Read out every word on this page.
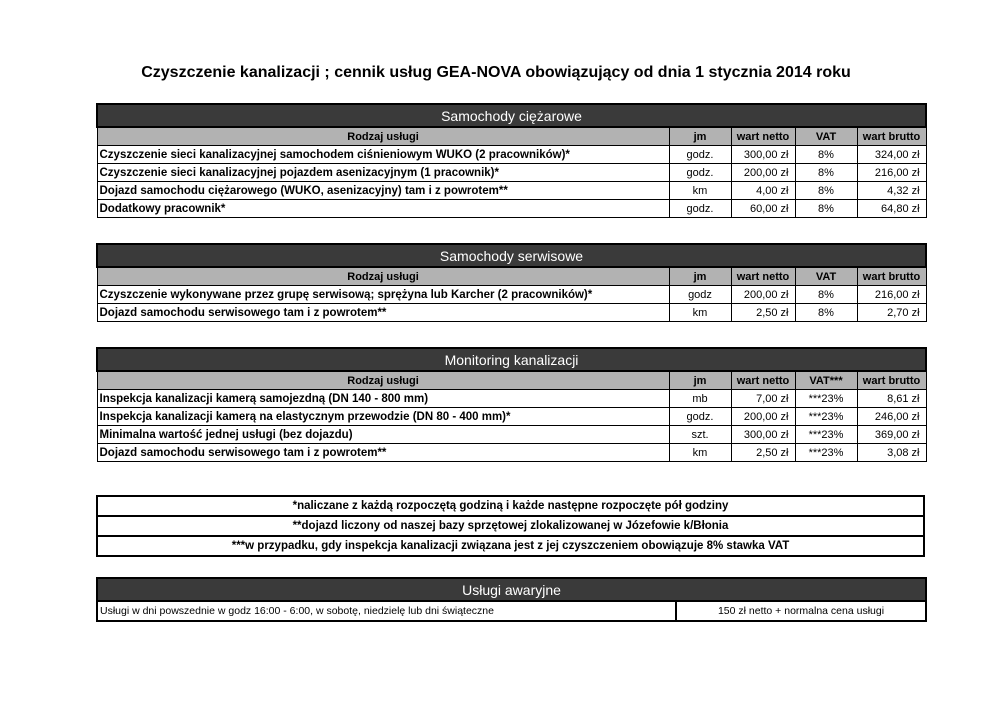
Czyszczenie kanalizacji ; cennik usług GEA-NOVA obowiązujący od dnia 1 stycznia 2014 roku
Samochody ciężarowe				
Rodzaj usługi	jm	wart netto	VAT	wart brutto
Czyszczenie sieci kanalizacyjnej samochodem ciśnieniowym WUKO (2 pracowników)*	godz.	300,00 zł	8%	324,00 zł
Czyszczenie sieci kanalizacyjnej pojazdem asenizacyjnym (1 pracownik)*	godz.	200,00 zł	8%	216,00 zł
Dojazd samochodu ciężarowego (WUKO, asenizacyjny) tam i z powrotem**	km	4,00 zł	8%	4,32 zł
Dodatkowy pracownik*	godz.	60,00 zł	8%	64,80 zł
Samochody serwisowe				
Rodzaj usługi	jm	wart netto	VAT	wart brutto
Czyszczenie wykonywane przez grupę serwisową; sprężyna lub Karcher (2 pracowników)*	godz	200,00 zł	8%	216,00 zł
Dojazd samochodu serwisowego tam i z powrotem**	km	2,50 zł	8%	2,70 zł
Monitoring kanalizacji				
Rodzaj usługi	jm	wart netto	VAT***	wart brutto
Inspekcja kanalizacji kamerą samojezdną (DN 140 - 800 mm)	mb	7,00 zł	***23%	8,61 zł
Inspekcja kanalizacji kamerą na elastycznym przewodzie (DN 80 - 400 mm)*	godz.	200,00 zł	***23%	246,00 zł
Minimalna wartość jednej usługi (bez dojazdu)	szt.	300,00 zł	***23%	369,00 zł
Dojazd samochodu serwisowego tam i z powrotem**	km	2,50 zł	***23%	3,08 zł
*naliczane z każdą rozpoczętą godziną i każde następne rozpoczęte pół godziny
**dojazd liczony od naszej bazy sprzętowej zlokalizowanej w Józefowie k/Błonia
***w przypadku, gdy inspekcja kanalizacji związana jest z jej czyszczeniem obowiązuje 8% stawka VAT
Usługi awaryjne
Usługi w dni powszednie w godz 16:00 - 6:00, w sobotę, niedzielę lub dni świąteczne	150 zł netto + normalna cena usługi
